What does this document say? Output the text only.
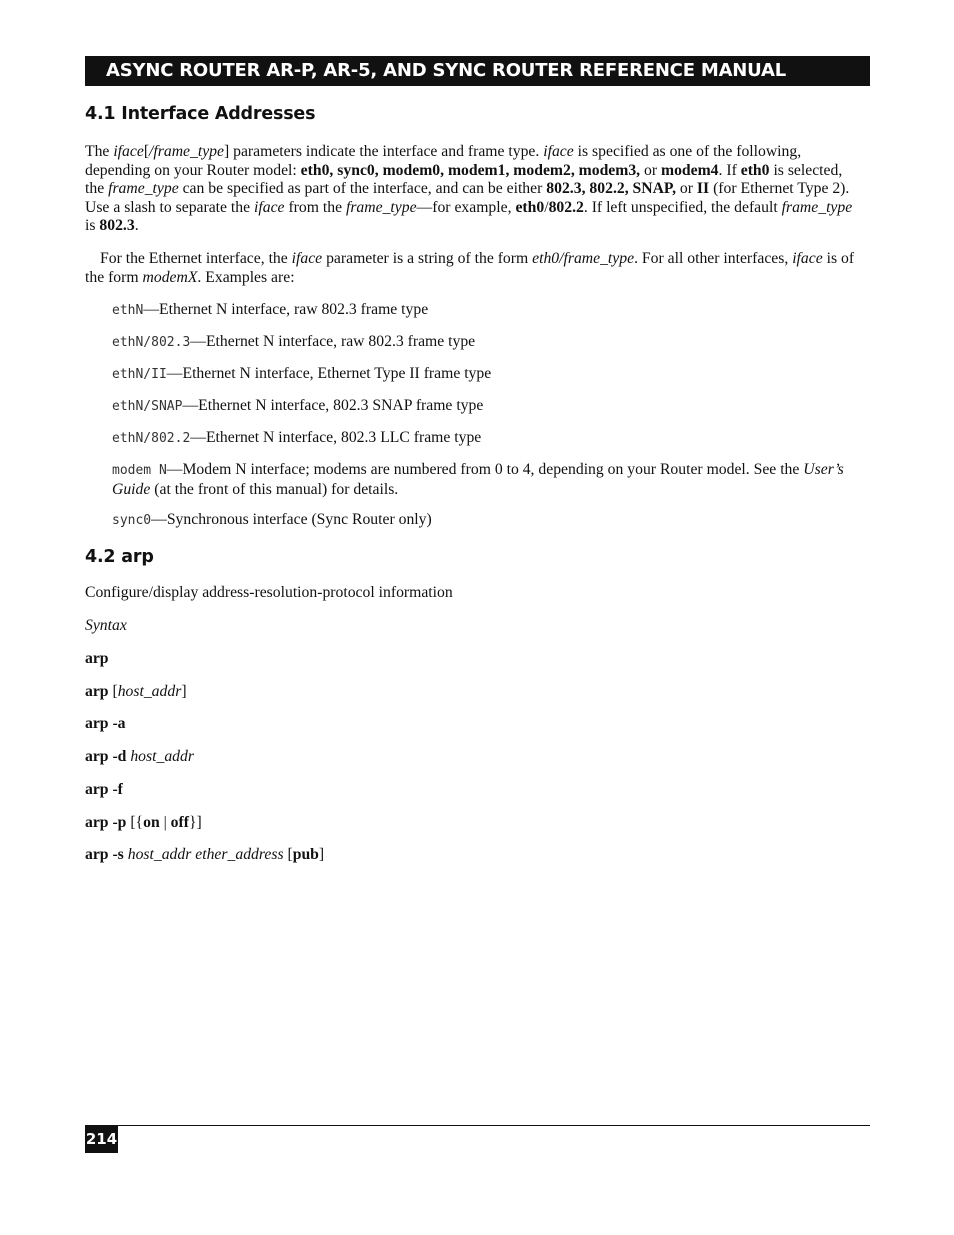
ASYNC ROUTER AR-P, AR-5, AND SYNC ROUTER REFERENCE MANUAL
4.1 Interface Addresses
The iface[/frame_type] parameters indicate the interface and frame type. iface is specified as one of the following, depending on your Router model: eth0, sync0, modem0, modem1, modem2, modem3, or modem4. If eth0 is selected, the frame_type can be specified as part of the interface, and can be either 802.3, 802.2, SNAP, or II (for Ethernet Type 2). Use a slash to separate the iface from the frame_type—for example, eth0/802.2. If left unspecified, the default frame_type is 802.3.
For the Ethernet interface, the iface parameter is a string of the form eth0/frame_type. For all other interfaces, iface is of the form modemX. Examples are:
ethN—Ethernet N interface, raw 802.3 frame type
ethN/802.3—Ethernet N interface, raw 802.3 frame type
ethN/II—Ethernet N interface, Ethernet Type II frame type
ethN/SNAP—Ethernet N interface, 802.3 SNAP frame type
ethN/802.2—Ethernet N interface, 802.3 LLC frame type
modem N—Modem N interface; modems are numbered from 0 to 4, depending on your Router model. See the User’s Guide (at the front of this manual) for details.
sync0—Synchronous interface (Sync Router only)
4.2 arp
Configure/display address-resolution-protocol information
Syntax
arp
arp [host_addr]
arp -a
arp -d host_addr
arp -f
arp -p [{on | off}]
arp -s host_addr ether_address [pub]
214
